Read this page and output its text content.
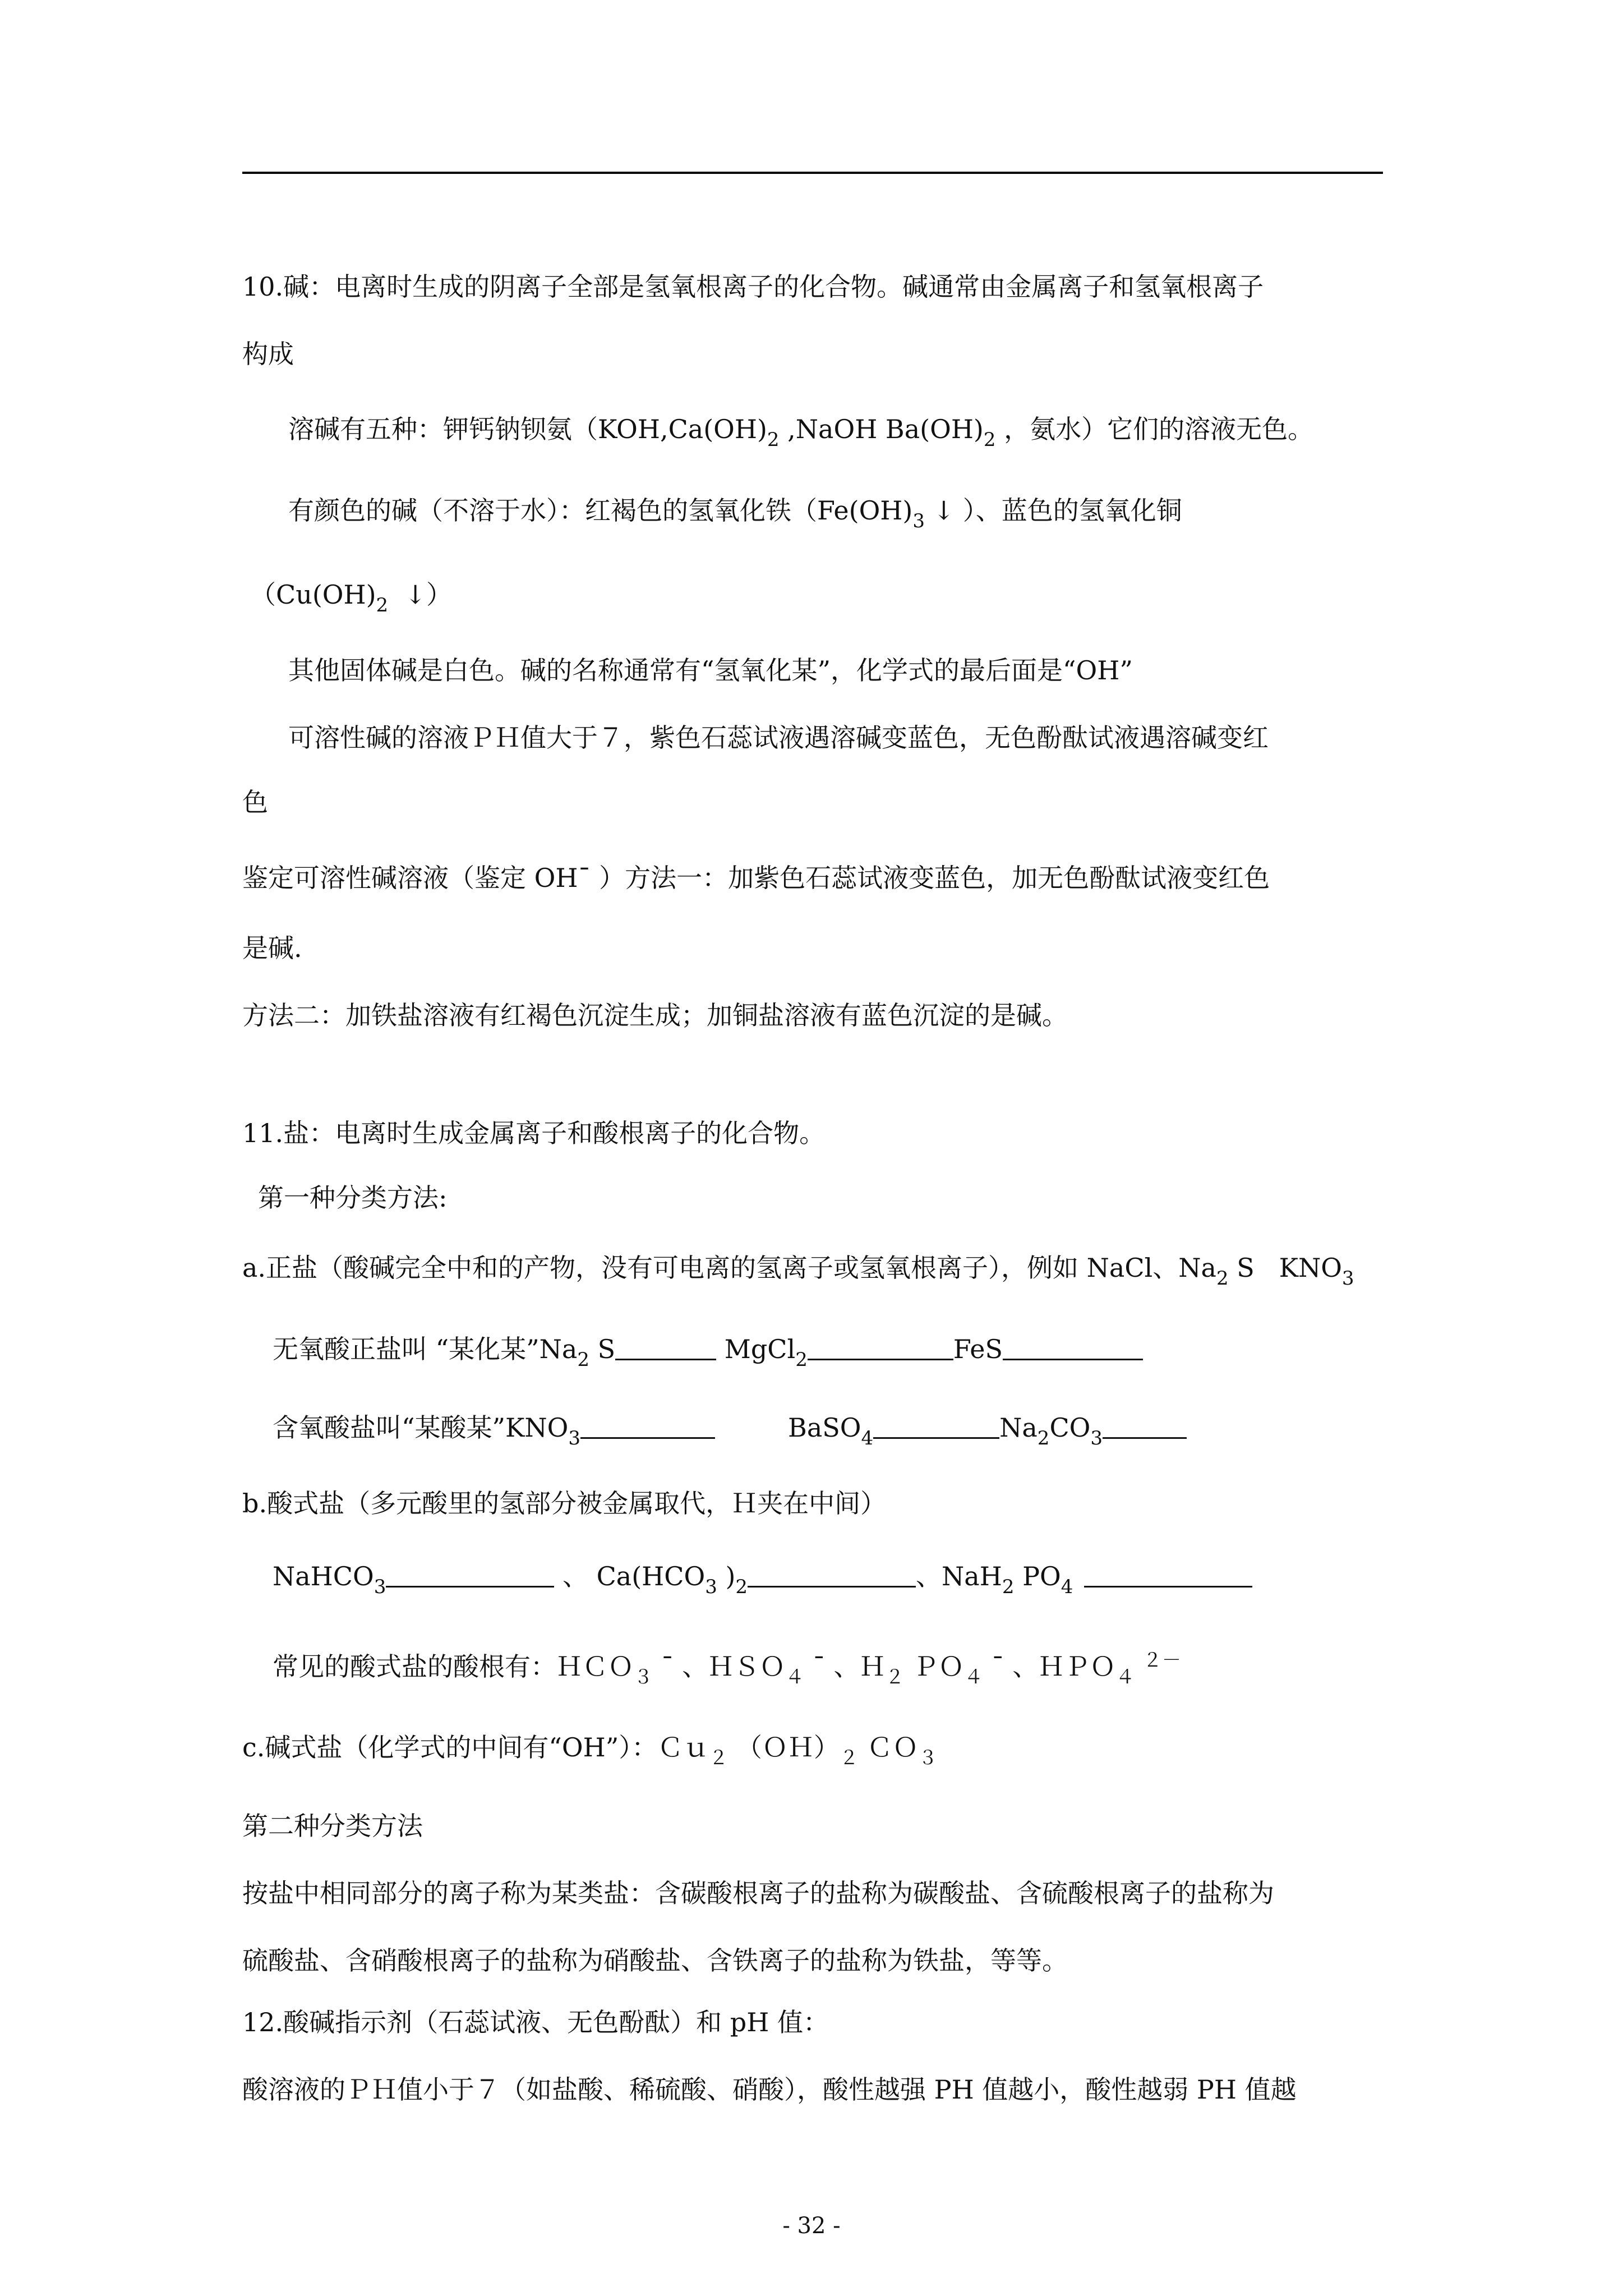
10.碱：电离时生成的阴离子全部是氢氧根离子的化合物。碱通常由金属离子和氢氧根离子
构成
溶碱有五种：钾钙钠钡氨（$KOH,Ca(OH)_2$ ,NaOH $Ba(OH)_2$ ，氨水）它们的溶液无色。
有颜色的碱（不溶于水）：红褐色的氢氧化铁（$Fe(OH)_3$ ↓ ）、蓝色的氢氧化铜
（$Cu(OH)_2$  ↓）
其他固体碱是白色。碱的名称通常有“氢氧化某”，化学式的最后面是“OH”
可溶性碱的溶液ＰＨ值大于７，紫色石蕊试液遇溶碱变蓝色，无色酚酞试液遇溶碱变红
色
鉴定可溶性碱溶液（鉴定 OH¯ ）方法一：加紫色石蕊试液变蓝色，加无色酚酞试液变红色
是碱.
方法二：加铁盐溶液有红褐色沉淀生成；加铜盐溶液有蓝色沉淀的是碱。
11.盐：电离时生成金属离子和酸根离子的化合物。
第一种分类方法:
a.正盐（酸碱完全中和的产物，没有可电离的氢离子或氢氧根离子），例如 NaCl、$Na_2$ S   $KNO_3$
无氧酸正盐叫 “某化某$”Na_2$ S	MgCl$_2$	FeS
含氧酸盐叫“某酸某$”KNO_3$	BaSO$_4$	$Na_2CO_3$
b.酸式盐（多元酸里的氢部分被金属取代，Ｈ夹在中间）
NaHCO$_3$	、 $Ca(HCO_3$ )$_2$	、NaH$_2$ $PO_4$
常见的酸式盐的酸根有：ＨＣＯ$_3$ ¯ 、ＨＳＯ$_4$ ¯ 、Ｈ$_2$ ＰＯ$_4$ ¯ 、ＨＰＯ$_4$ $^{2-}$
c.碱式盐（化学式的中间有“OH”）：Ｃｕ$_2$ $(OH)_2$ ＣＯ$_3$
第二种分类方法
按盐中相同部分的离子称为某类盐：含碳酸根离子的盐称为碳酸盐、含硫酸根离子的盐称为
硫酸盐、含硝酸根离子的盐称为硝酸盐、含铁离子的盐称为铁盐，等等。
12.酸碱指示剂（石蕊试液、无色酚酞）和 pH 值：
酸溶液的ＰＨ值小于７（如盐酸、稀硫酸、硝酸），酸性越强 PH 值越小，酸性越弱 PH 值越
- 32 -
